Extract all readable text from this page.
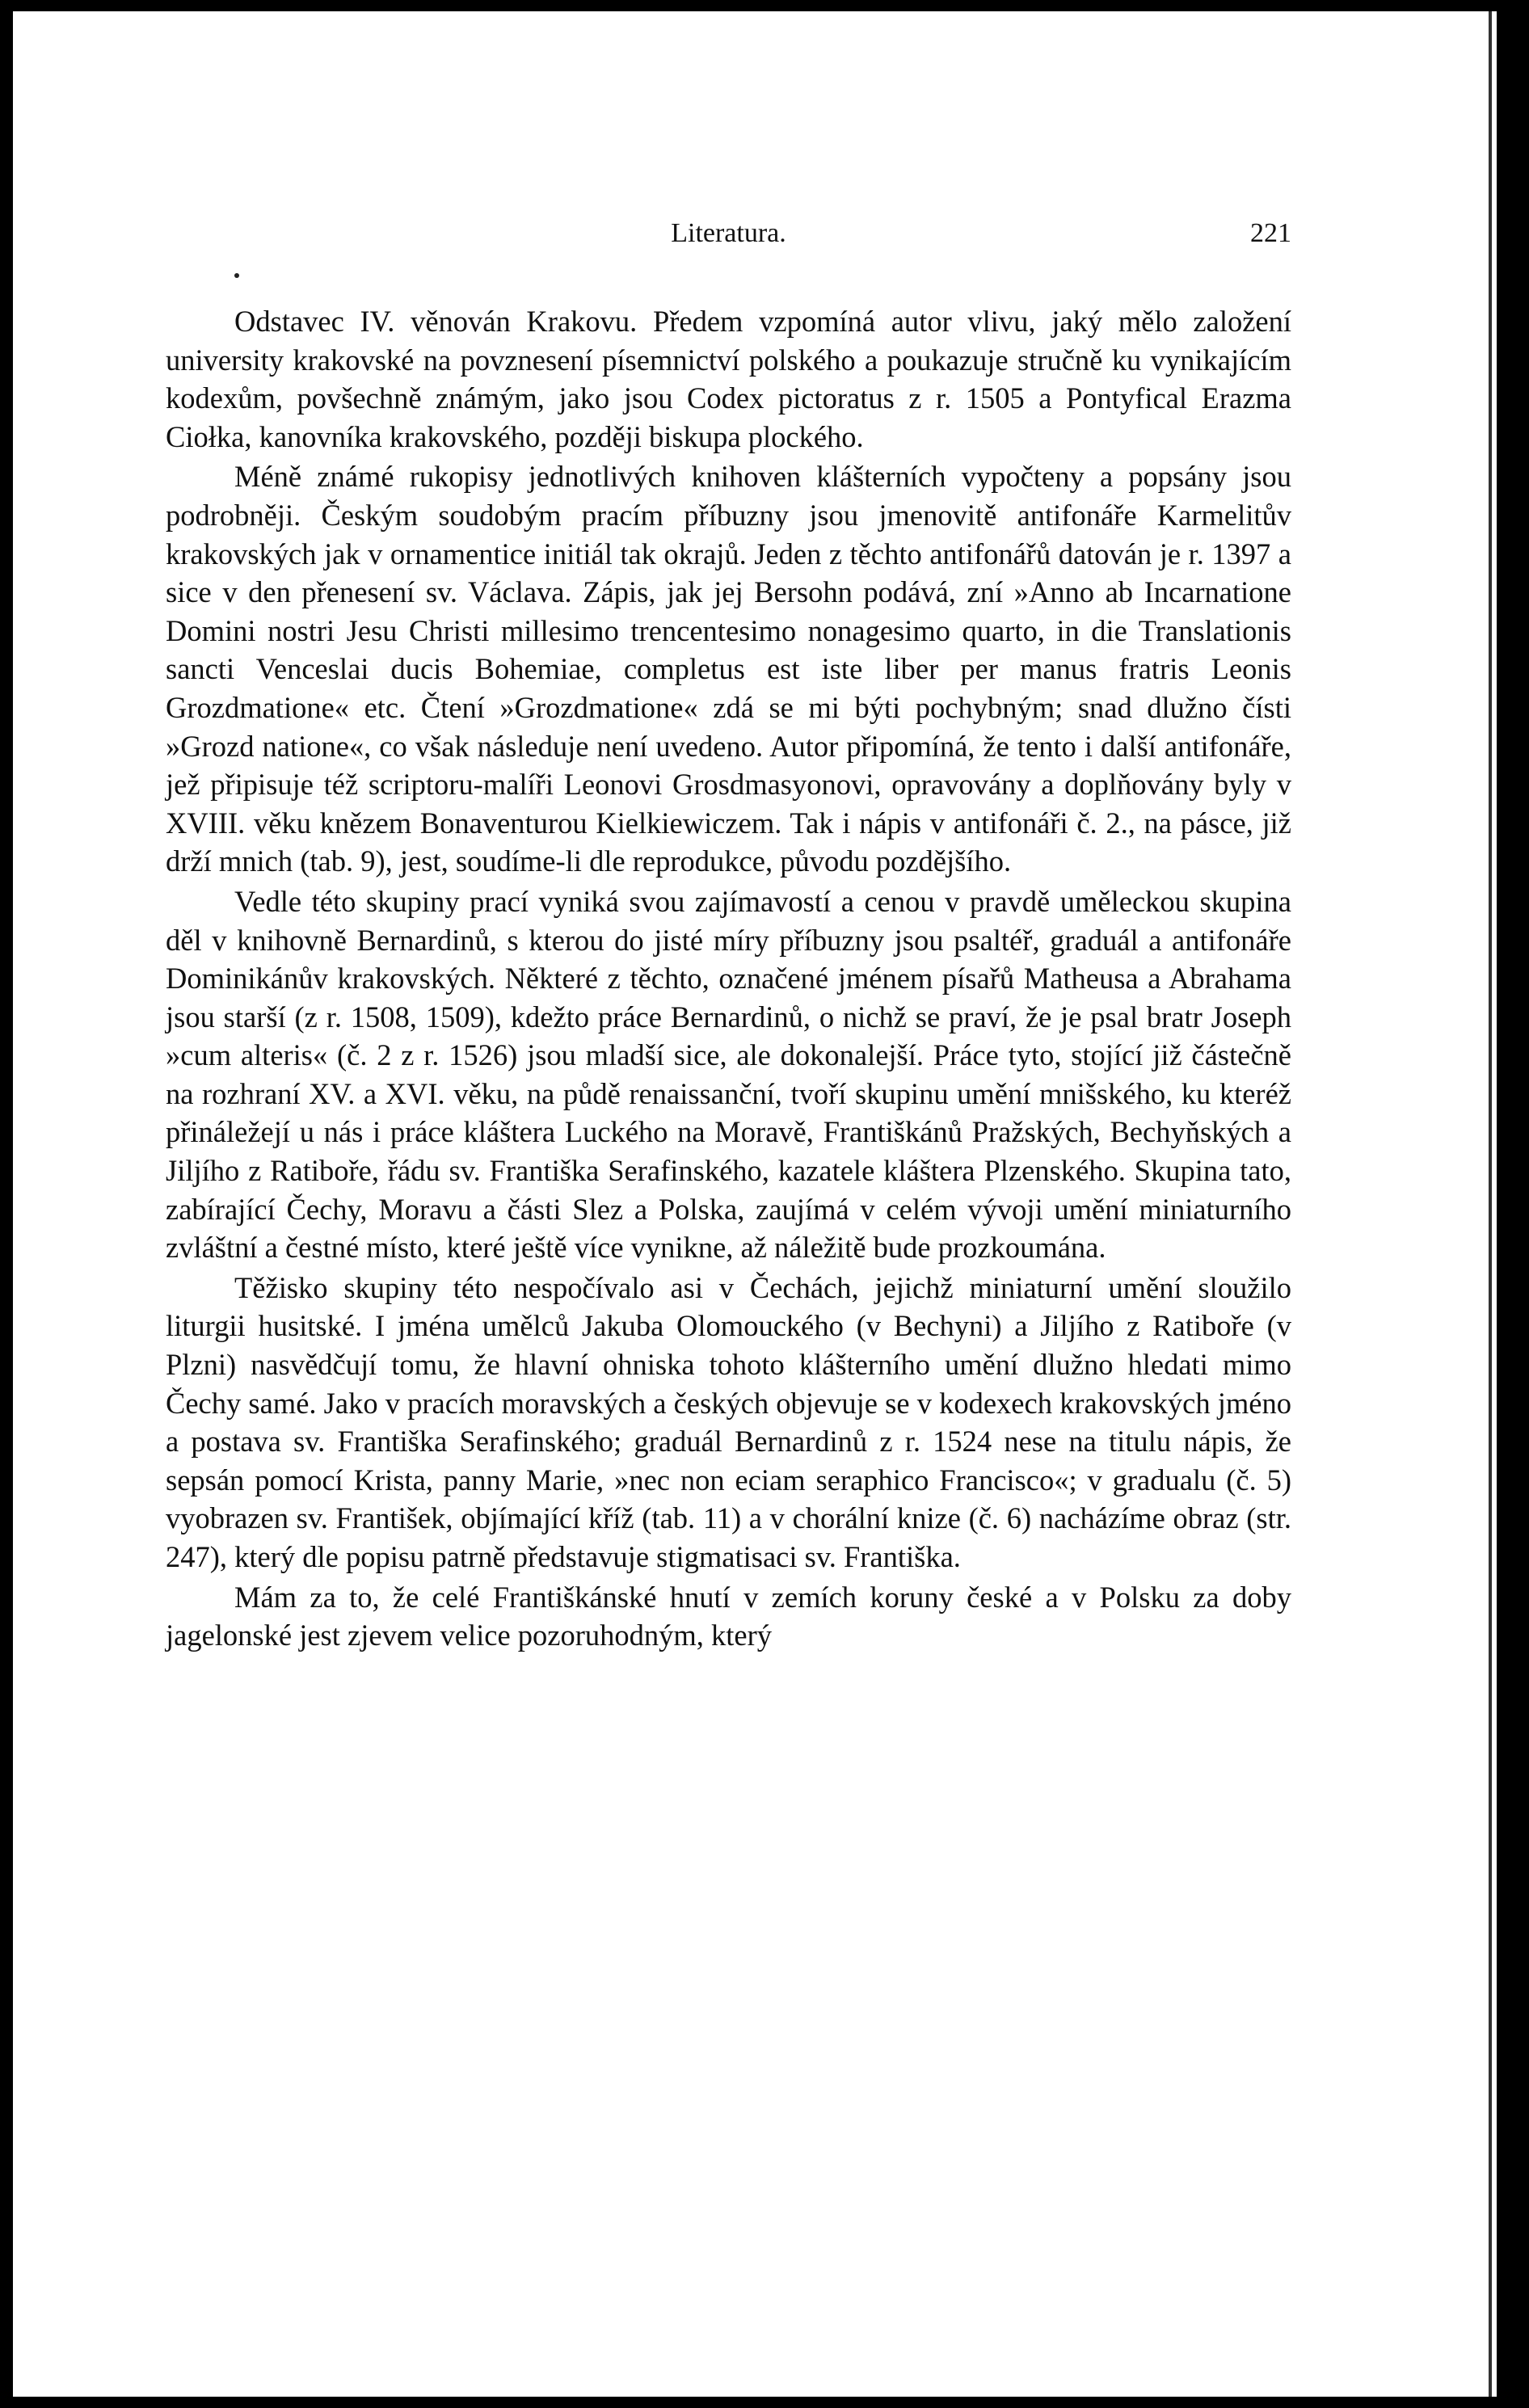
Literatura.	221

Odstavec IV. věnován Krakovu. Předem vzpomíná autor vlivu, jaký mělo založení university krakovské na povznesení písemnictví polského a poukazuje stručně ku vynikajícím kodexům, povšechně známým, jako jsou Codex pictoratus z r. 1505 a Pontyfical Erazma Ciołka, kanovníka krakovského, později biskupa plockého.

Méně známé rukopisy jednotlivých knihoven klášterních vypočteny a popsány jsou podrobněji. Českým soudobým pracím příbuzny jsou jmenovitě antifonáře Karmelitův krakovských jak v ornamentice initiál tak okrajů. Jeden z těchto antifonářů datován je r. 1397 a sice v den přenesení sv. Václava. Zápis, jak jej Bersohn podává, zní »Anno ab Incarnatione Domini nostri Jesu Christi millesimo trencentesimo nonagesimo quarto, in die Translationis sancti Venceslai ducis Bohemiae, completus est iste liber per manus fratris Leonis Grozdmatione« etc. Čtení »Grozdmatione« zdá se mi býti pochybným; snad dlužno čísti »Grozd natione«, co však následuje není uvedeno. Autor připomíná, že tento i další antifonáře, jež připisuje též scriptoru-malíři Leonovi Grosdmasyonovi, opravovány a doplňovány byly v XVIII. věku knězem Bonaventurou Kielkiewiczem. Tak i nápis v antifonáři č. 2., na pásce, již drží mnich (tab. 9), jest, soudíme-li dle reprodukce, původu pozdějšího.

Vedle této skupiny prací vyniká svou zajímavostí a cenou v pravdě uměleckou skupina děl v knihovně Bernardinů, s kterou do jisté míry příbuzny jsou psaltéř, graduál a antifonáře Dominikánův krakovských. Některé z těchto, označené jménem písařů Matheusa a Abrahama jsou starší (z r. 1508, 1509), kdežto práce Bernardinů, o nichž se praví, že je psal bratr Joseph »cum alteris« (č. 2 z r. 1526) jsou mladší sice, ale dokonalejší. Práce tyto, stojící již částečně na rozhraní XV. a XVI. věku, na půdě renaissanční, tvoří skupinu umění mnišského, ku kteréž přináležejí u nás i práce kláštera Luckého na Moravě, Františkánů Pražských, Bechyňských a Jiljího z Ratiboře, řádu sv. Františka Serafinského, kazatele kláštera Plzenského. Skupina tato, zabírající Čechy, Moravu a části Slez a Polska, zaujímá v celém vývoji umění miniaturního zvláštní a čestné místo, které ještě více vynikne, až náležitě bude prozkoumána.

Těžisko skupiny této nespočívalo asi v Čechách, jejichž miniaturní umění sloužilo liturgii husitské. I jména umělců Jakuba Olomouckého (v Bechyni) a Jiljího z Ratiboře (v Plzni) nasvědčují tomu, že hlavní ohniska tohoto klášterního umění dlužno hledati mimo Čechy samé. Jako v pracích moravských a českých objevuje se v kodexech krakovských jméno a postava sv. Františka Serafinského; graduál Bernardinů z r. 1524 nese na titulu nápis, že sepsán pomocí Krista, panny Marie, »nec non eciam seraphico Francisco«; v gradualu (č. 5) vyobrazen sv. František, objímající kříž (tab. 11) a v chorální knize (č. 6) nacházíme obraz (str. 247), který dle popisu patrně představuje stigmatisaci sv. Františka.

Mám za to, že celé Františkánské hnutí v zemích koruny české a v Polsku za doby jagelonské jest zjevem velice pozoruhodným, který
